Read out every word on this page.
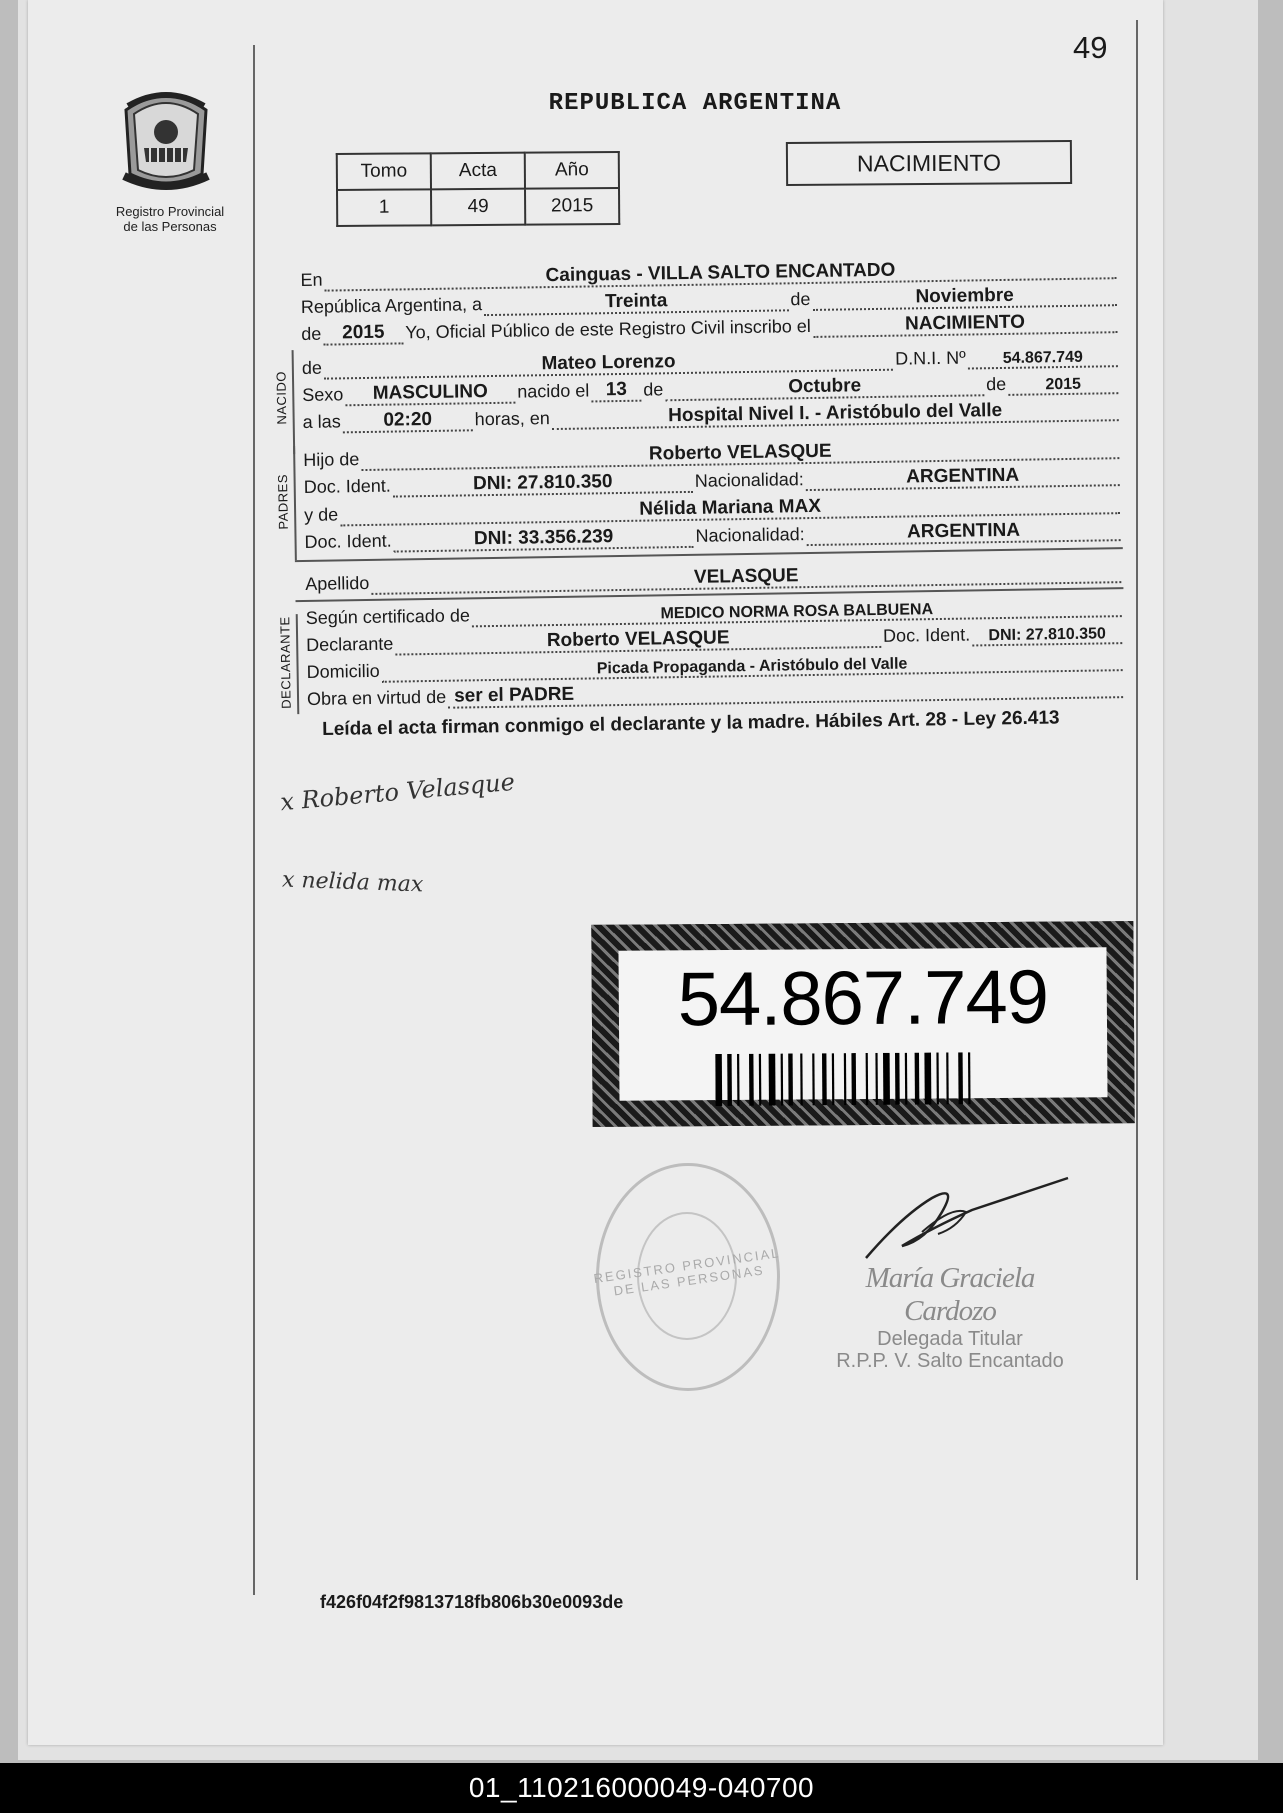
49
Registro Provincial
de las Personas
REPUBLICA ARGENTINA
Tomo	Acta	Año
1	49	2015
NACIMIENTO
En	Cainguas - VILLA SALTO ENCANTADO
República Argentina, a	Treinta	de	Noviembre
de	2015	Yo, Oficial Público de este Registro Civil inscribo el	NACIMIENTO
NACIDO
de	Mateo Lorenzo	D.N.I. Nº	54.867.749
Sexo	MASCULINO	nacido el 13 de	Octubre	de	2015
a las	02:20	horas, en	Hospital Nivel I. - Aristóbulo del Valle
PADRES
Hijo de	Roberto VELASQUE
Doc. Ident.	DNI: 27.810.350	Nacionalidad:	ARGENTINA
y de	Nélida Mariana MAX
Doc. Ident.	DNI: 33.356.239	Nacionalidad:	ARGENTINA
Apellido	VELASQUE
DECLARANTE Según certificado de	MEDICO NORMA ROSA BALBUENA
Declarante	Roberto VELASQUE	Doc. Ident.	DNI: 27.810.350
Domicilio	Picada Propaganda - Aristóbulo del Valle
Obra en virtud de ser el PADRE
Leída el acta firman conmigo el declarante y la madre. Hábiles Art. 28 - Ley 26.413
x Roberto Velasque
x nelida max
54.867.749
REGISTRO PROVINCIAL DE LAS PERSONAS	María Graciela Cardozo
Delegada Titular
R.P.P. V. Salto Encantado
f426f04f2f9813718fb806b30e0093de
01_110216000049-040700
